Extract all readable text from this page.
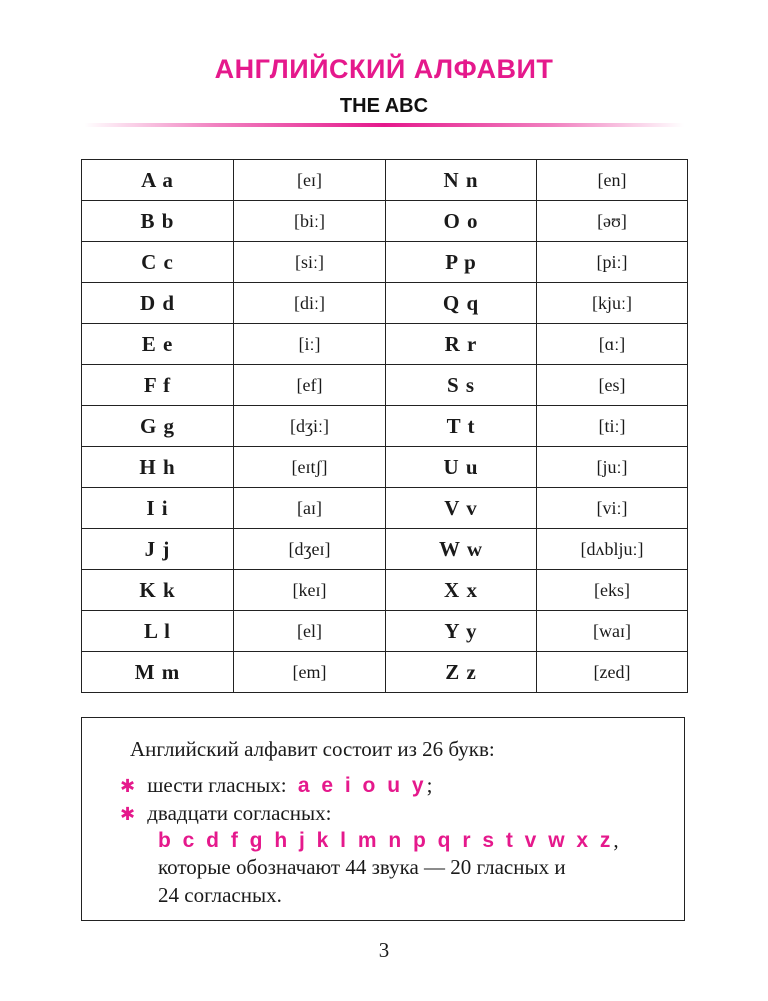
АНГЛИЙСКИЙ АЛФАВИТ
THE ABC
A a	[eɪ]	N n	[en]
B b	[biː]	O o	[əʊ]
C c	[siː]	P p	[piː]
D d	[diː]	Q q	[kjuː]
E e	[iː]	R r	[ɑː]
F f	[ef]	S s	[es]
G g	[dʒiː]	T t	[tiː]
H h	[eɪtʃ]	U u	[juː]
I i	[aɪ]	V v	[viː]
J j	[dʒeɪ]	W w	[dʌbljuː]
K k	[keɪ]	X x	[eks]
L l	[el]	Y y	[waɪ]
M m	[em]	Z z	[zed]
Английский алфавит состоит из 26 букв:
✱ шести гласных: a e i o u y;
✱ двадцати согласных:
b c d f g h j k l m n p q r s t v w x z,
которые обозначают 44 звука — 20 гласных и
24 согласных.
3
